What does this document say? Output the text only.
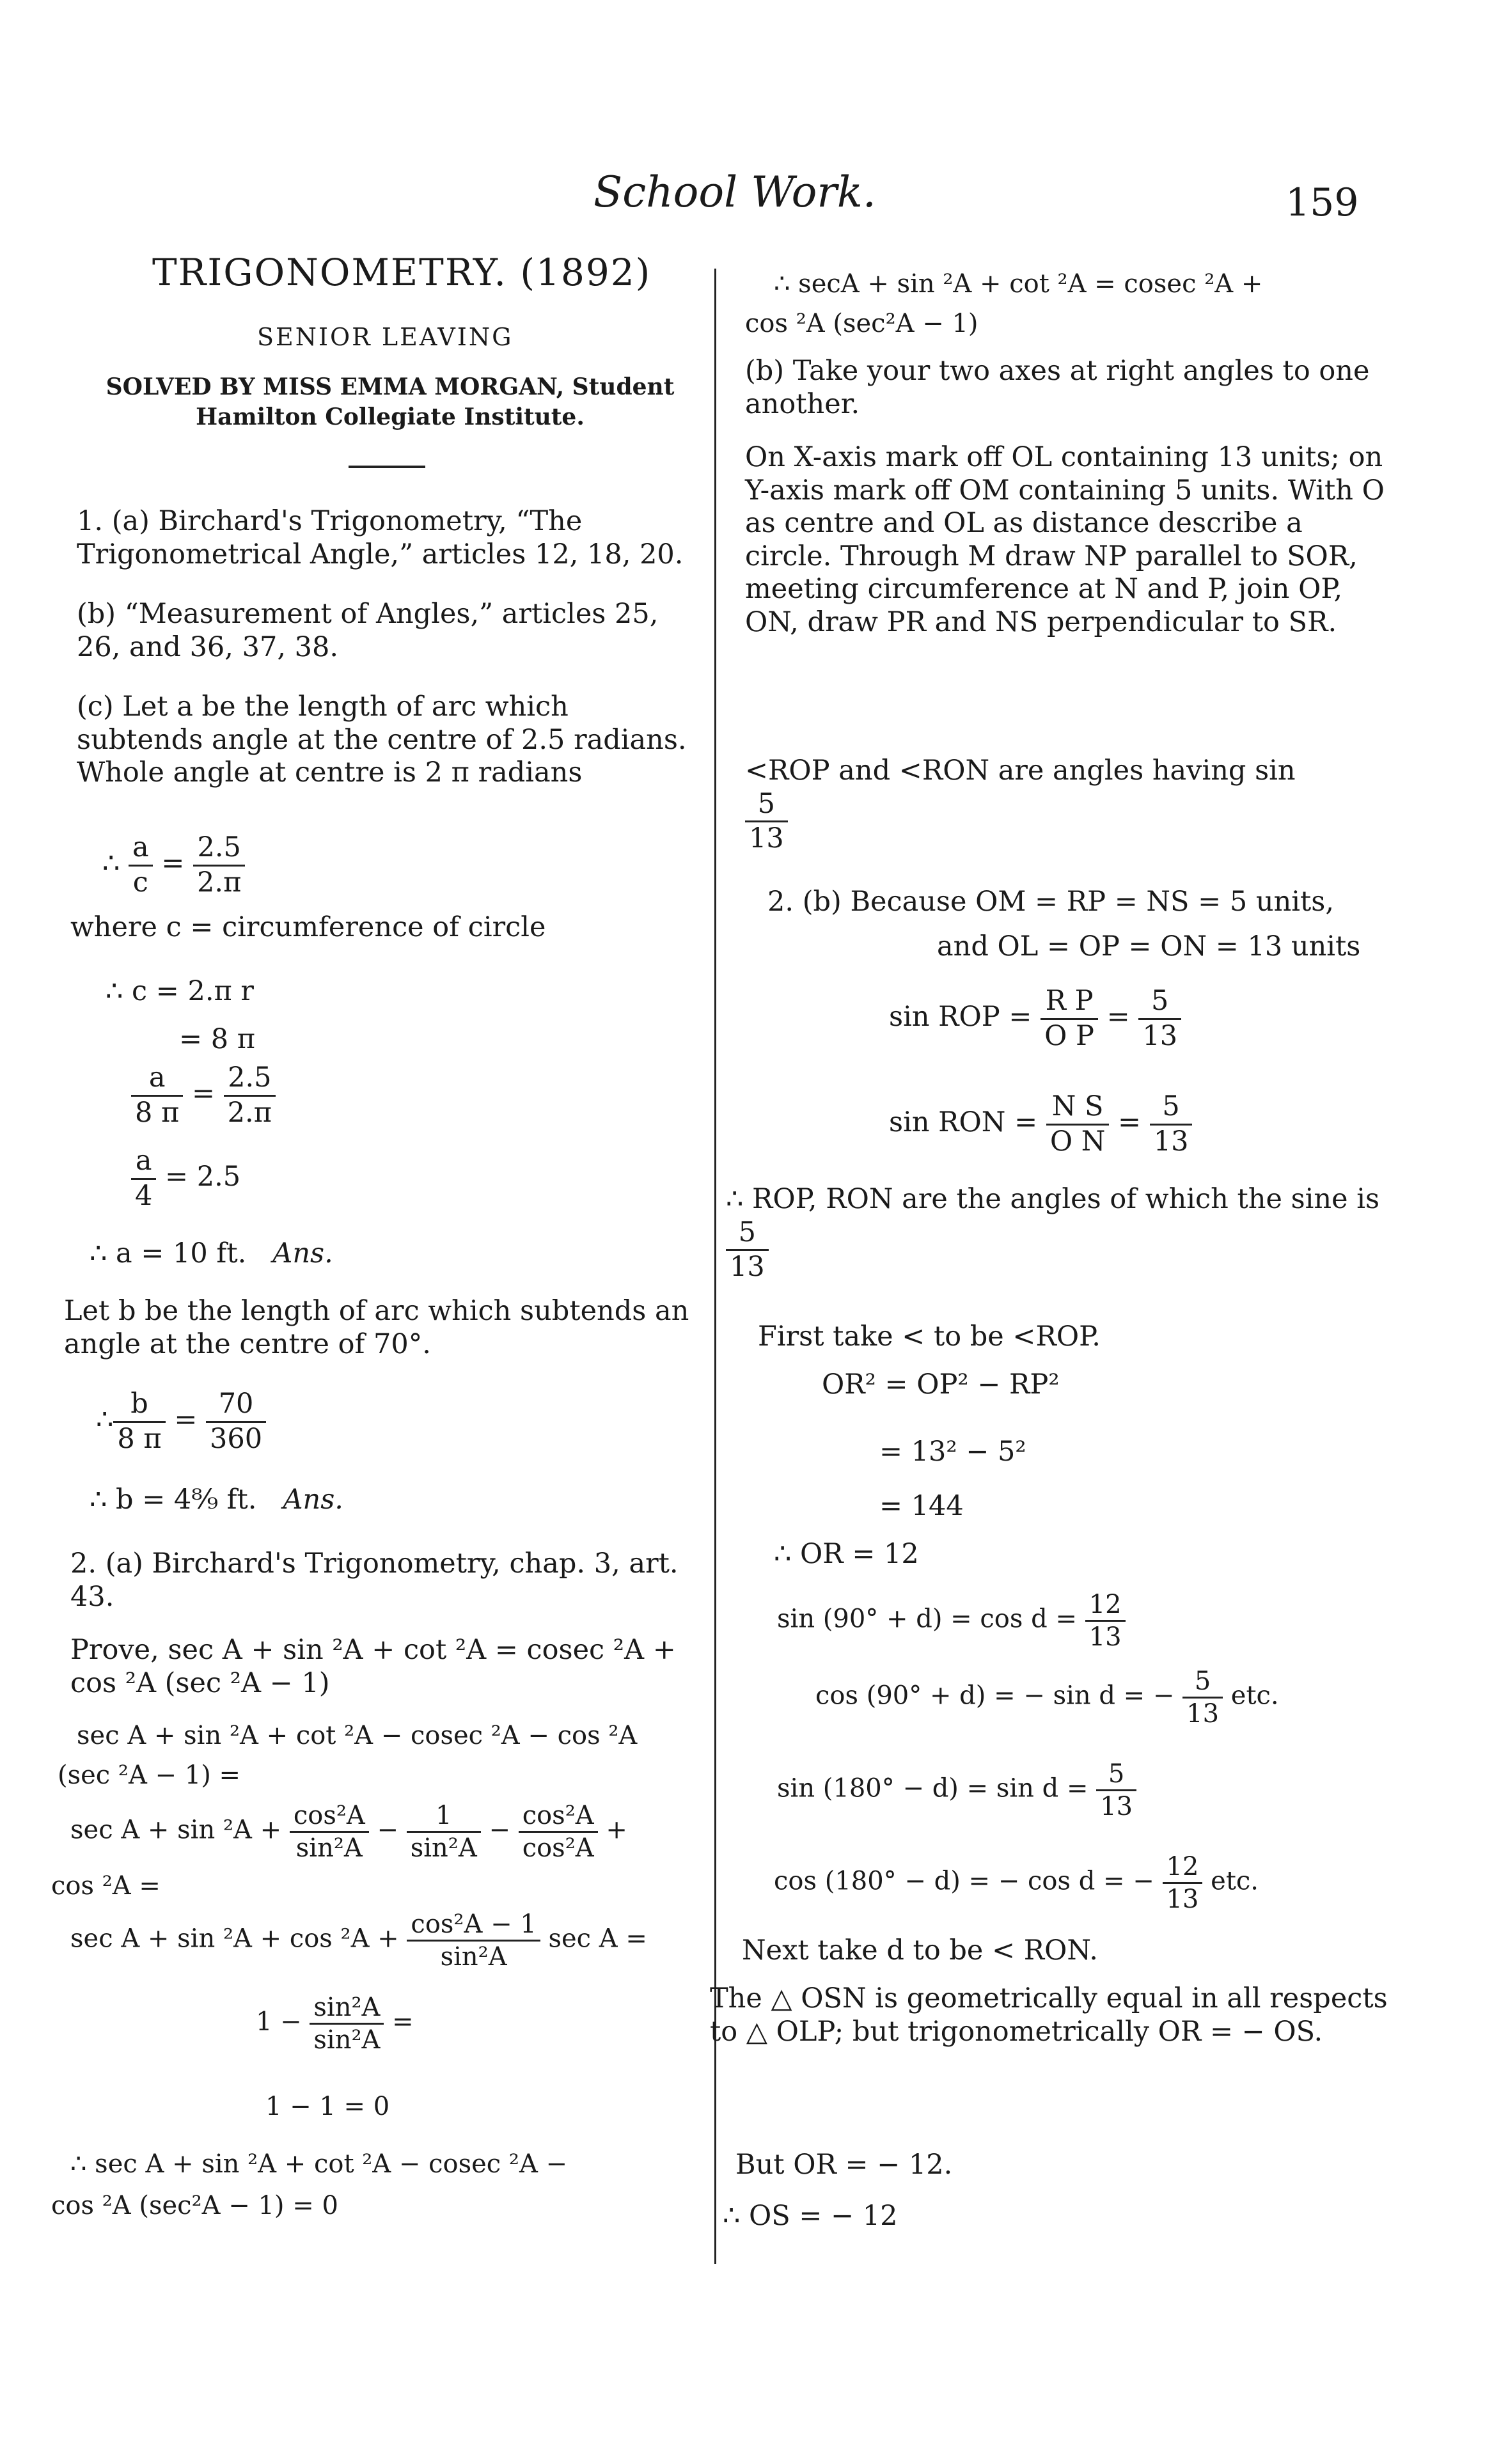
School Work.	159
TRIGONOMETRY. (1892)
SENIOR LEAVING
SOLVED BY MISS EMMA MORGAN, Student Hamilton Collegiate Institute.
1. (a) Birchard's Trigonometry, “The Trigonometrical Angle,” articles 12, 18, 20.
(b) “Measurement of Angles,” articles 25, 26, and 36, 37, 38.
(c) Let a be the length of arc which subtends angle at the centre of 2.5 radians. Whole angle at centre is 2 π radians
∴ $\frac{a}{c} = \frac{2.5}{2.\pi}$
where c = circumference of circle
∴ c = 2.π r
= 8 π
$\frac{a}{8 \pi} = \frac{2.5}{2.\pi}$
$\frac{a}{4} = 2.5$
∴ a = 10 ft. Ans.
Let b be the length of arc which subtends an angle at the centre of 70°.
∴ $\frac{b}{8 \pi} = \frac{70}{360}$
∴ b = 4⁸⁄₉ ft. Ans.
2. (a) Birchard's Trigonometry, chap. 3, art. 43.
Prove, sec A + sin ²A + cot ²A = cosec ²A + cos ²A (sec ²A − 1)
sec A + sin ²A + cot ²A − cosec ²A − cos ²A
(sec ²A − 1) =
$\sec A + \sin ^2A + \frac{\text{cos²A}}{\text{sin²A}} - \frac{1}{\text{sin²A}} - \frac{\text{cos²A}}{\text{cos²A}}$ +
cos ²A =
$\sec A + \sin ^2A + \cos ^2A + \frac{\text{cos²A − 1}}{\text{sin²A}}$ sec A =
$1 - \frac{\text{sin²A}}{\text{sin²A}}$ =
1 − 1 = 0
∴ sec A + sin ²A + cot ²A − cosec ²A −
cos ²A (sec²A − 1) = 0
∴ secA + sin ²A + cot ²A = cosec ²A +
cos ²A (sec²A − 1)
(b) Take your two axes at right angles to one another.
On X-axis mark off OL containing 13 units; on Y-axis mark off OM containing 5 units. With O as centre and OL as distance describe a circle. Through M draw NP parallel to SOR, meeting circumference at N and P, join OP, ON, draw PR and NS perpendicular to SR.
<ROP and <RON are angles having sin

$\frac{5}{13}$
2. (b) Because OM = RP = NS = 5 units,
and OL = OP = ON = 13 units
sin ROP = $\frac{\text{R P}}{\text{O P}} = \frac{5}{13}$
sin RON = $\frac{\text{N S}}{\text{O N}} = \frac{5}{13}$
∴ ROP, RON are the angles of which the sine is
$\frac{5}{13}$
First take < to be <ROP.
OR² = OP² − RP²
= 13² − 5²
= 144
∴ OR = 12
$\sin (90^\circ + d) = \cos d = \frac{12}{13}$
cos (90° + d) = − sin d = − $\frac{5}{13}$ etc.
$\sin (180^\circ - d) = \sin d = \frac{5}{13}$
cos (180° − d) = − cos d = − $\frac{12}{13}$ etc.
Next take d to be < RON.
The △ OSN is geometrically equal in all respects to △ OLP; but trigonometrically OR = − OS.
But OR = − 12.
∴ OS = − 12
